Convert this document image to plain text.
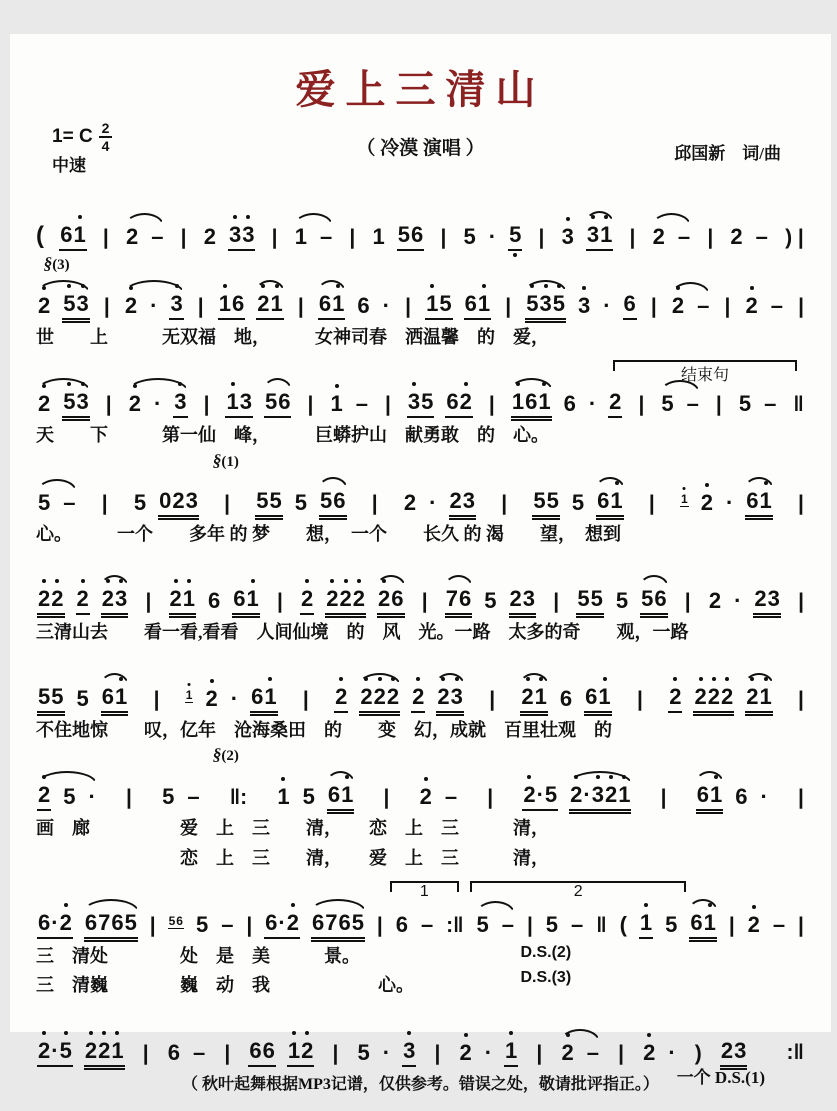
爱上三清山
1= C $\frac{2}{4}$
中速
（ 冷漠 演唱 ）	邱国新　词/曲
( 6 1 | 2 – | 2 3 3 | 1 – | 1 5 6 | 5 · 5 | 3 3 1 | 2 – | 2 – ) |
§(3)
2 5 3 | 2 · 3 | 1 6 2 1 | 6 1 6 · | 1 5 6 1 | 5 3 5 3 · 6 | 2 – | 2 – |
世　　上　　　无双福　地，　　　女神司春　洒温馨　的　爱，
结束句
2 5 3 | 2 · 3 | 1 3 5 6 | 1 – | 3 5 6 2 | 1 6 1 6 · 2 | 5 – | 5 – ‖
天　　下　　　第一仙　峰，　　　巨蟒护山　献勇敢　的　心。
§(1)
5 – | 5 0 2 3 | 5 5 5 5 6 | 2 · 2 3 | 5 5 5 6 1 | 1 2 · 6 1 |
心。　　　一个　　多年 的 梦　　想，　一个　　长久 的 渴　　望，　想到
2 2 2 2 3 | 2 1 6 6 1 | 2 2 2 2 2 6 | 7 6 5 2 3 | 5 5 5 5 6 | 2 · 2 3 |
三清山去　　看一看,看看　人间仙境　的　风　光。一路　太多的奇　　观，一路
5 5 5 6 1 | 1 2 · 6 1 | 2 2 2 2 2 2 3 | 2 1 6 6 1 | 2 2 2 2 2 1 |
不住地惊　　叹，亿年　沧海桑田　的　　变　幻，成就　百里壮观　的
§(2)
2 5 · | 5 – ‖: 1 5 6 1 | 2 – | 2 · 5 2 · 3 2 1 | 6 1 6 · |
画　廊　　　　　爱　上　三　　清，　　恋　上　三　　　清，
　　　　　　　　恋　上　三　　清，　　爱　上　三　　　清，
1	2
6 · 2 6 7 6 5 | 5 6 5 – | 6 · 2 6 7 6 5 | 6 – :‖ 5 – | 5 – ‖ ( 1 5 6 1 | 2 – |
三　清处　　　　处　是　美　　　景。
三　清巍　　　　巍　动　我　　　　　　心。
D.S.(2)
D.S.(3)
2 · 5 2 2 1 | 6 – | 6 6 1 2 | 5 · 3 | 2 · 1 | 2 – | 2 · ) 2 3 　:‖
（ 秋叶起舞根据MP3记谱，仅供参考。错误之处，敬请批评指正。）	一个 D.S.(1)
